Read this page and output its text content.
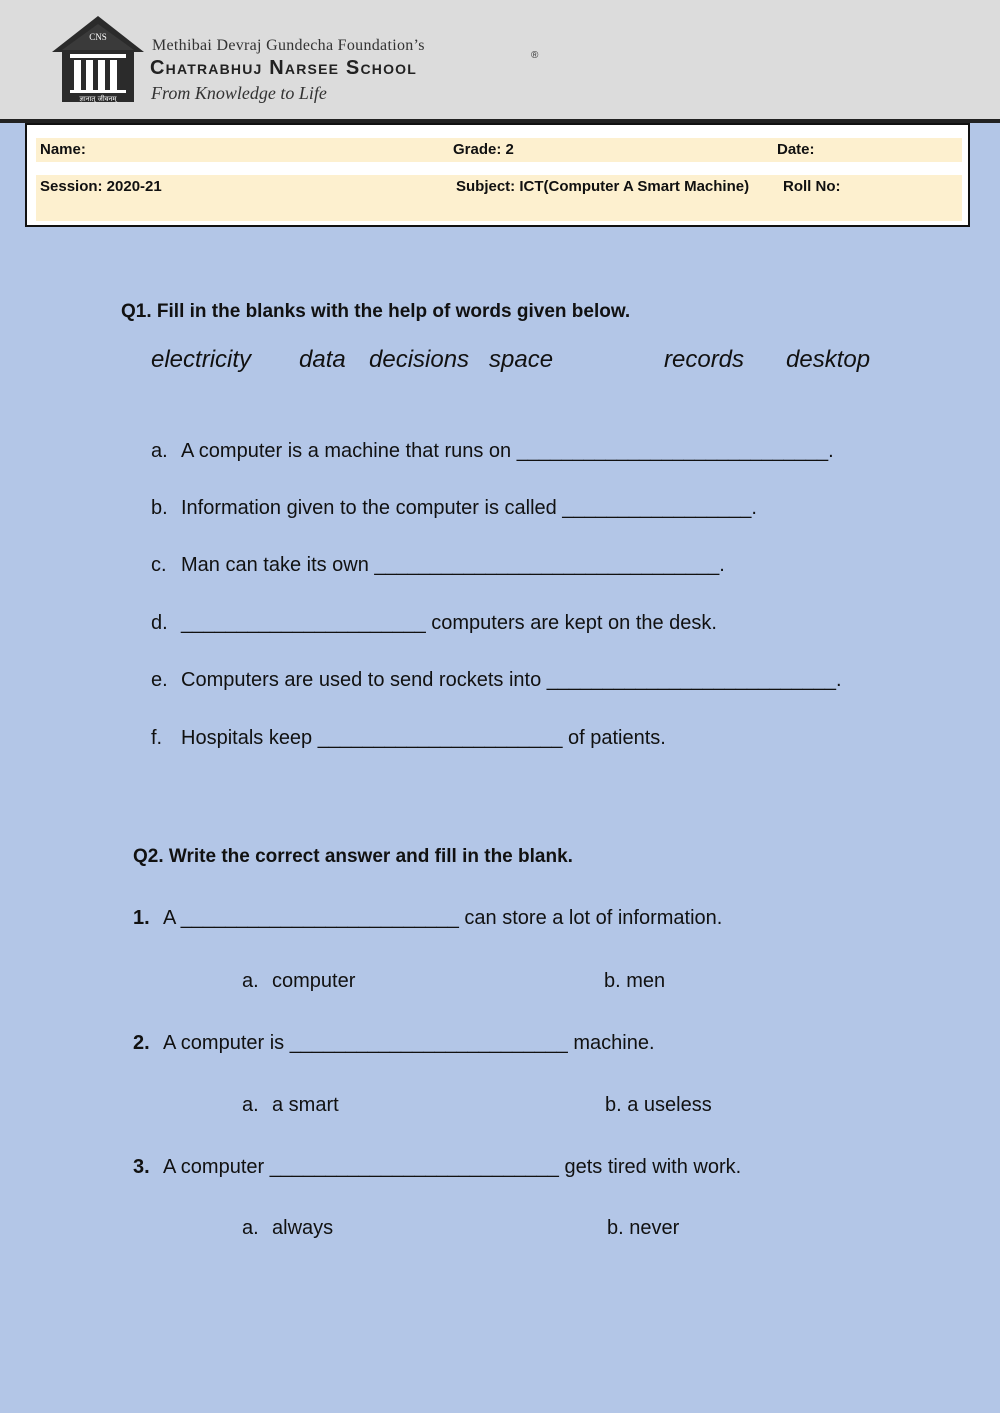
CNS
ज्ञानात् जीवनम्
Methibai Devraj Gundecha Foundation’s
Chatrabhuj Narsee School
®
From Knowledge to Life
Name:	Grade: 2	Date:
Session: 2020-21	Subject: ICT(Computer A Smart Machine) Roll No:
Q1. Fill in the blanks with the help of words given below.
electricity data decisions space	records desktop
a. A computer is a machine that runs on ____________________________.
b. Information given to the computer is called _________________.
c. Man can take its own _______________________________.
d. ______________________ computers are kept on the desk.
e. Computers are used to send rockets into __________________________.
f. Hospitals keep ______________________ of patients.
Q2. Write the correct answer and fill in the blank.
1. A _________________________ can store a lot of information.
a. computer	b. men
2. A computer is _________________________ machine.
a. a smart	b. a useless
3. A computer __________________________ gets tired with work.
a. always	b. never
